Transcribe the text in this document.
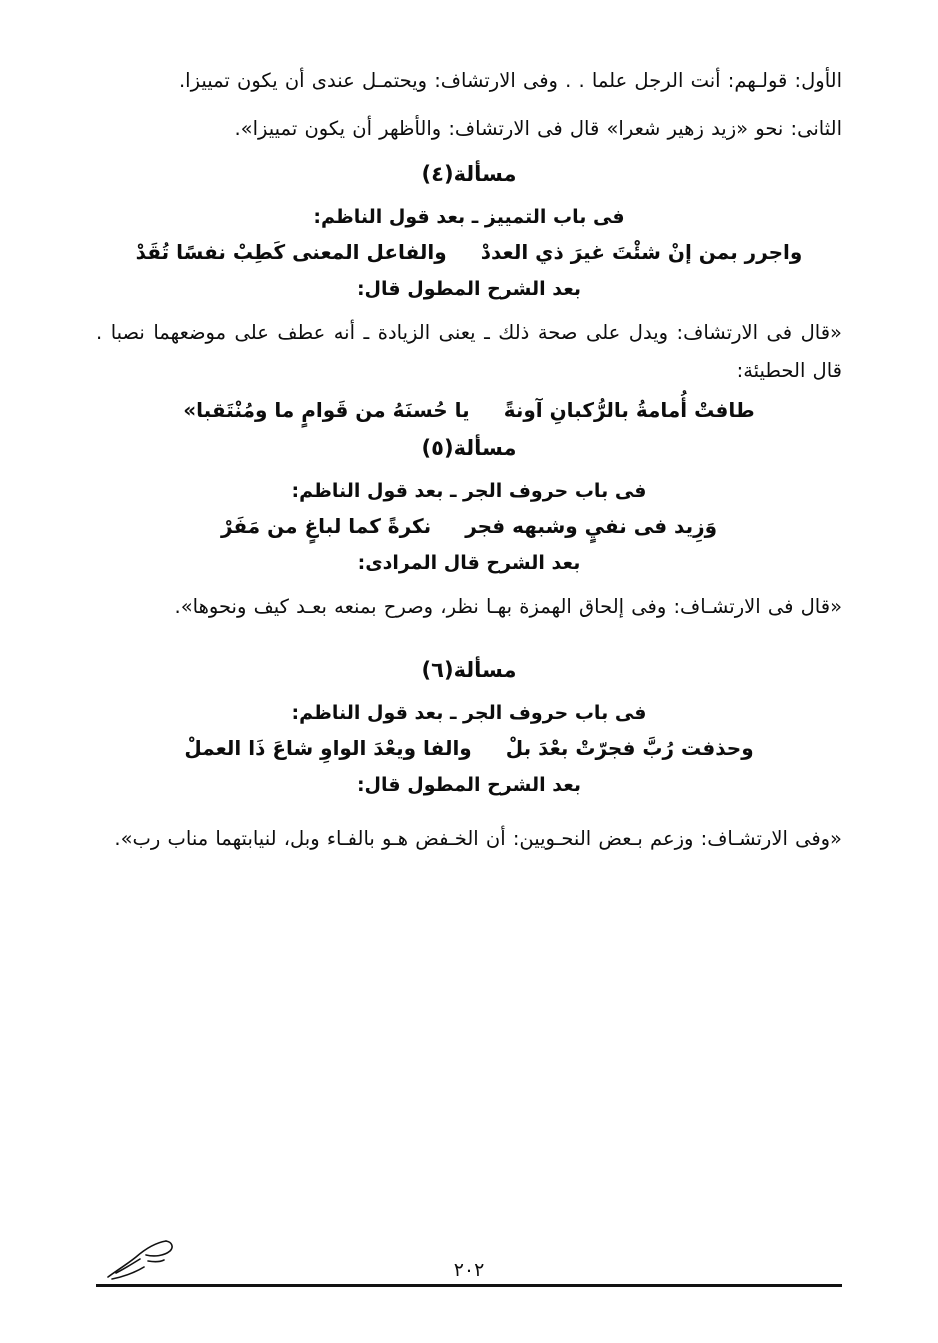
الأول: قولـهم: أنت الرجل علما . . وفى الارتشاف: ويحتمـل عندى أن يكون تمييزا.

الثانى: نحو «زيد زهير شعرا» قال فى الارتشاف: والأظهر أن يكون تمييزا».

مسألة(٤)
فى باب التمييز ـ بعد قول الناظم:
واجرر بمن إنْ شئْتَ غيرَ ذي العددْ
والفاعل المعنى كَطِبْ نفسًا تُقَدْ
بعد الشرح المطول قال:

«قال فى الارتشاف: ويدل على صحة ذلك ـ يعنى الزيادة ـ أنه عطف على موضعهما نصبا . قال الحطيئة:

طافتْ أُمامةُ بالرُّكبانِ آونةً
يا حُسنَهُ من قَوامٍ ما ومُنْتَقبا»
مسألة(٥)
فى باب حروف الجر ـ بعد قول الناظم:
وَزِيد فى نفيٍ وشبهه فجر
نكرةً كما لباغٍ من مَفَرْ
بعد الشرح قال المرادى:

«قال فى الارتشـاف: وفى إلحاق الهمزة بهـا نظر، وصرح بمنعه بعـد كيف ونحوها».

مسألة(٦)
فى باب حروف الجر ـ بعد قول الناظم:
وحذفت رُبَّ فجرّتْ بعْدَ بلْ
والفا ويعْدَ الواوِ شاعَ ذَا العملْ
بعد الشرح المطول قال:

«وفى الارتشـاف: وزعم بـعض النحـويين: أن الخـفض هـو بالفـاء وبل، لنيابتهما مناب رب».

٢٠٢
